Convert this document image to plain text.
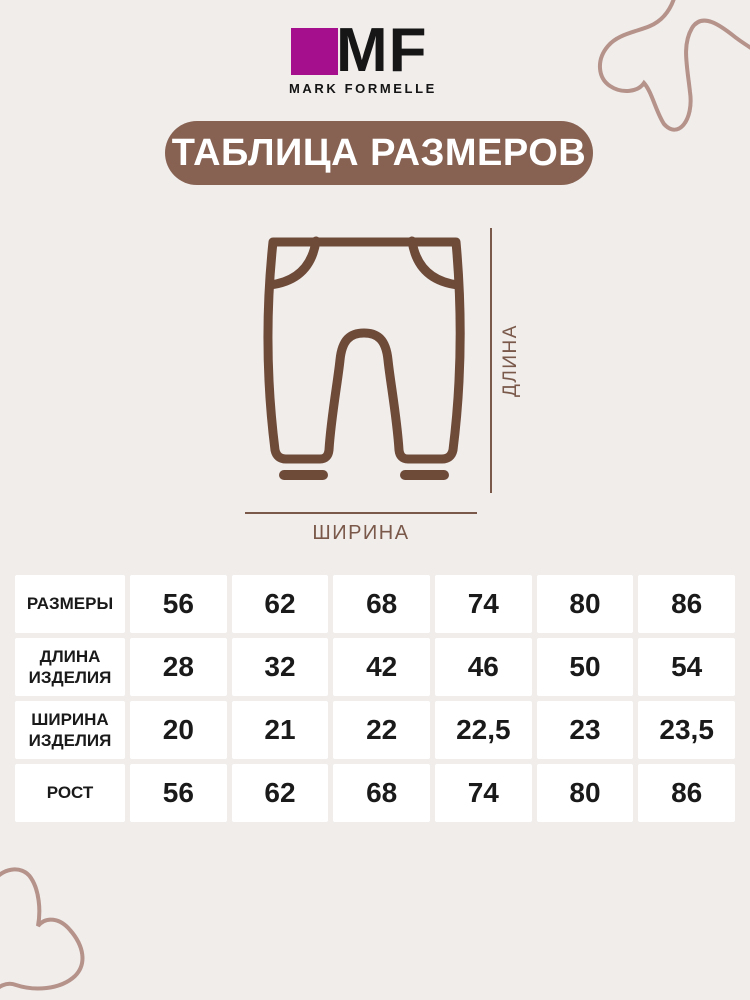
MF
MARK FORMELLE
ТАБЛИЦА РАЗМЕРОВ
ДЛИНА
ШИРИНА
РАЗМЕРЫ	56	62	68	74	80	86
ДЛИНА ИЗДЕЛИЯ	28	32	42	46	50	54
ШИРИНА ИЗДЕЛИЯ	20	21	22	22,5	23	23,5
РОСТ	56	62	68	74	80	86
